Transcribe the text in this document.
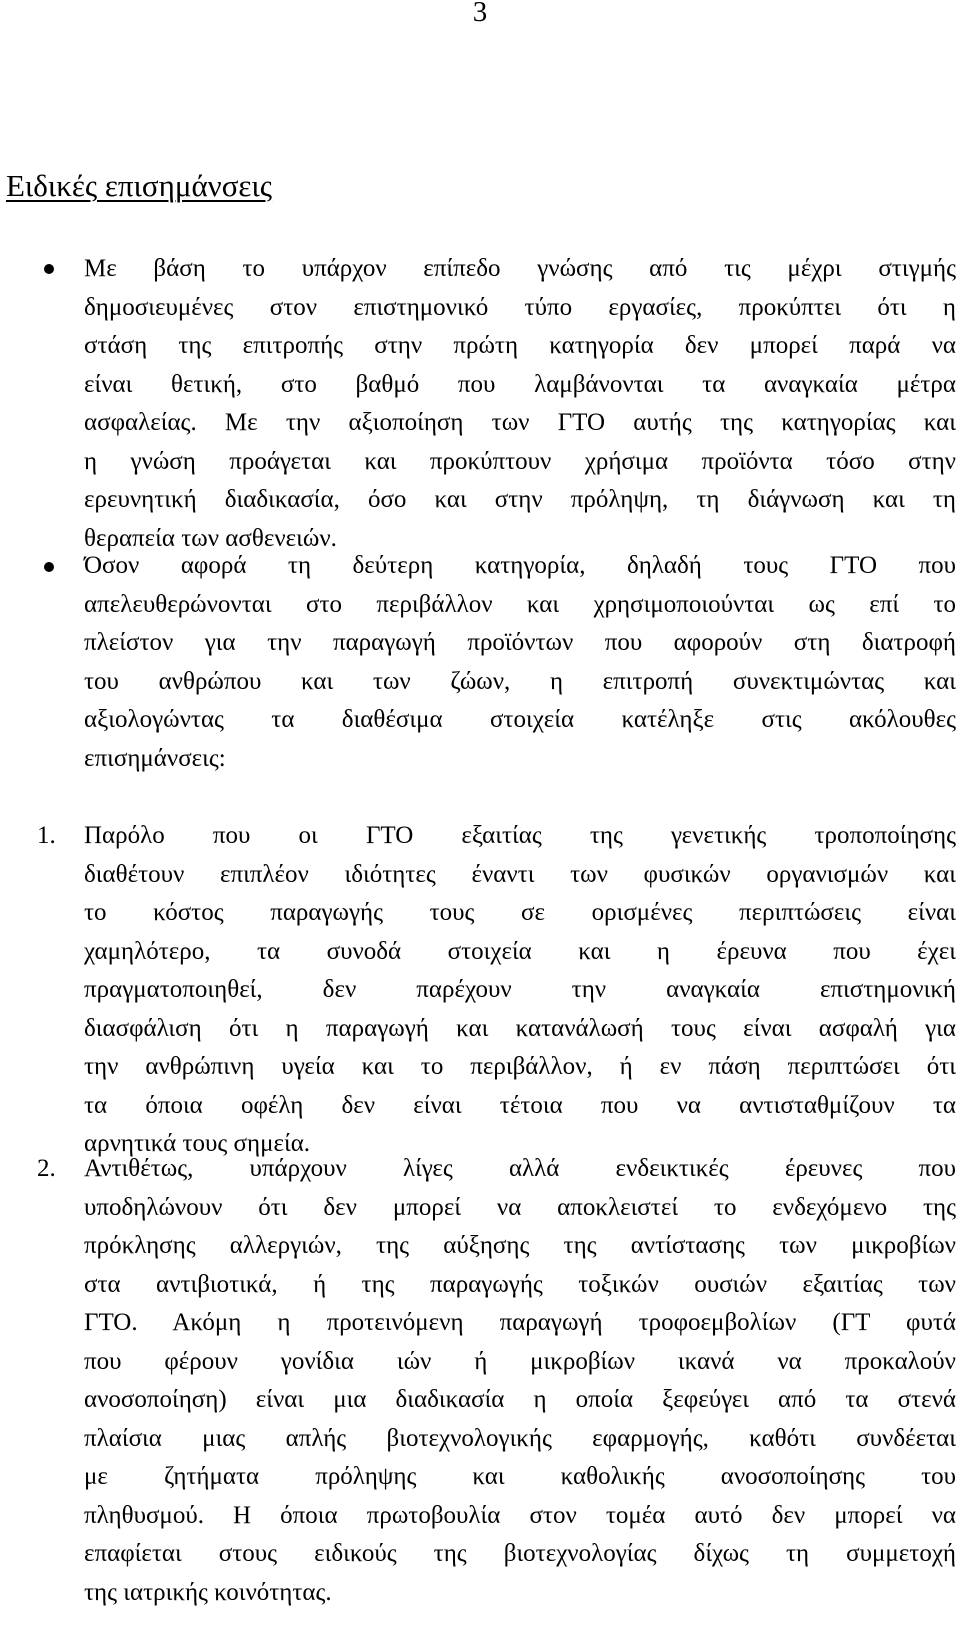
3
Ειδικές επισημάνσεις
Με βάση το υπάρχον επίπεδο γνώσης από τις μέχρι στιγμής
δημοσιευμένες στον επιστημονικό τύπο εργασίες, προκύπτει ότι η
στάση της επιτροπής στην πρώτη κατηγορία δεν μπορεί παρά να
είναι θετική, στο βαθμό που λαμβάνονται τα αναγκαία μέτρα
ασφαλείας. Με την αξιοποίηση των ΓΤΟ αυτής της κατηγορίας και
η γνώση προάγεται και προκύπτουν χρήσιμα προϊόντα τόσο στην
ερευνητική διαδικασία, όσο και στην πρόληψη, τη διάγνωση και τη
θεραπεία των ασθενειών.
Όσον αφορά τη δεύτερη κατηγορία, δηλαδή τους ΓΤΟ που
απελευθερώνονται στο περιβάλλον και χρησιμοποιούνται ως επί το
πλείστον για την παραγωγή προϊόντων που αφορούν στη διατροφή
του ανθρώπου και των ζώων, η επιτροπή συνεκτιμώντας και
αξιολογώντας τα διαθέσιμα στοιχεία κατέληξε στις ακόλουθες
επισημάνσεις:
1. Παρόλο που οι ΓΤΟ εξαιτίας της γενετικής τροποποίησης
διαθέτουν επιπλέον ιδιότητες έναντι των φυσικών οργανισμών και
το κόστος παραγωγής τους σε ορισμένες περιπτώσεις είναι
χαμηλότερο, τα συνοδά στοιχεία και η έρευνα που έχει
πραγματοποιηθεί, δεν παρέχουν την αναγκαία επιστημονική
διασφάλιση ότι η παραγωγή και κατανάλωσή τους είναι ασφαλή για
την ανθρώπινη υγεία και το περιβάλλον, ή εν πάση περιπτώσει ότι
τα όποια οφέλη δεν είναι τέτοια που να αντισταθμίζουν τα
αρνητικά τους σημεία.
2. Αντιθέτως, υπάρχουν λίγες αλλά ενδεικτικές έρευνες που
υποδηλώνουν ότι δεν μπορεί να αποκλειστεί το ενδεχόμενο της
πρόκλησης αλλεργιών, της αύξησης της αντίστασης των μικροβίων
στα αντιβιοτικά, ή της παραγωγής τοξικών ουσιών εξαιτίας των
ΓΤΟ. Ακόμη η προτεινόμενη παραγωγή τροφοεμβολίων (ΓΤ φυτά
που φέρουν γονίδια ιών ή μικροβίων ικανά να προκαλούν
ανοσοποίηση) είναι μια διαδικασία η οποία ξεφεύγει από τα στενά
πλαίσια μιας απλής βιοτεχνολογικής εφαρμογής, καθότι συνδέεται
με ζητήματα πρόληψης και καθολικής ανοσοποίησης του
πληθυσμού. Η όποια πρωτοβουλία στον τομέα αυτό δεν μπορεί να
επαφίεται στους ειδικούς της βιοτεχνολογίας δίχως τη συμμετοχή
της ιατρικής κοινότητας.
